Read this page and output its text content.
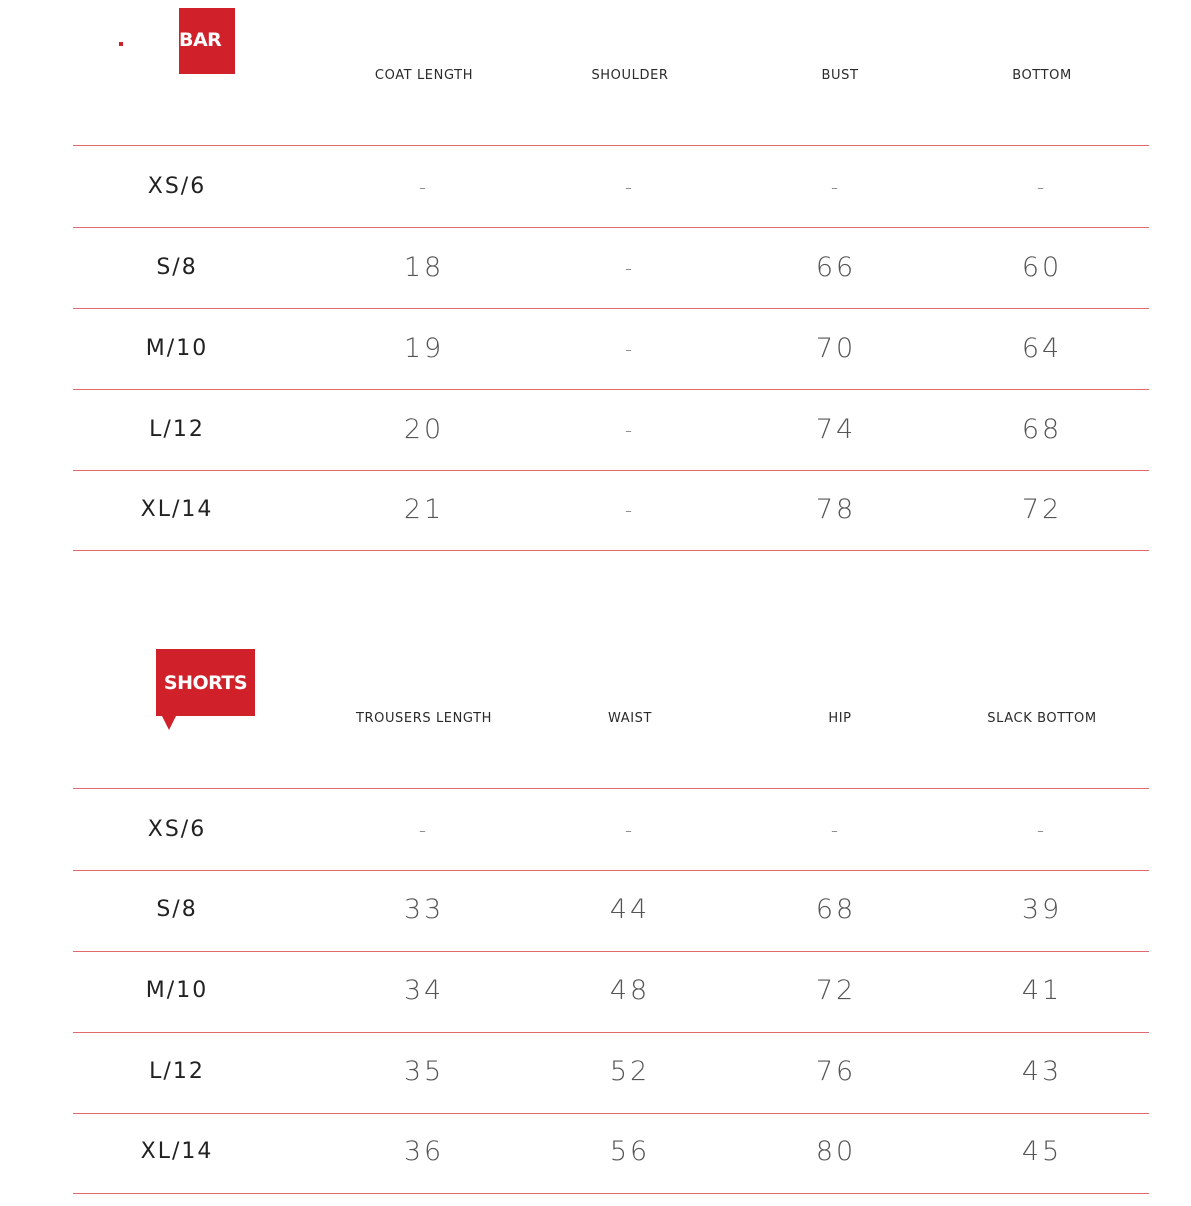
BAR
COAT LENGTH	SHOULDER	BUST	BOTTOM
XS/6	-	-	-	-
S/8	18	-	66	60
M/10	19	-	70	64
L/12	20	-	74	68
XL/14	21	-	78	72
SHORTS
TROUSERS LENGTH	WAIST	HIP	SLACK BOTTOM
XS/6	-	-	-	-
S/8	33	44	68	39
M/10	34	48	72	41
L/12	35	52	76	43
XL/14	36	56	80	45
